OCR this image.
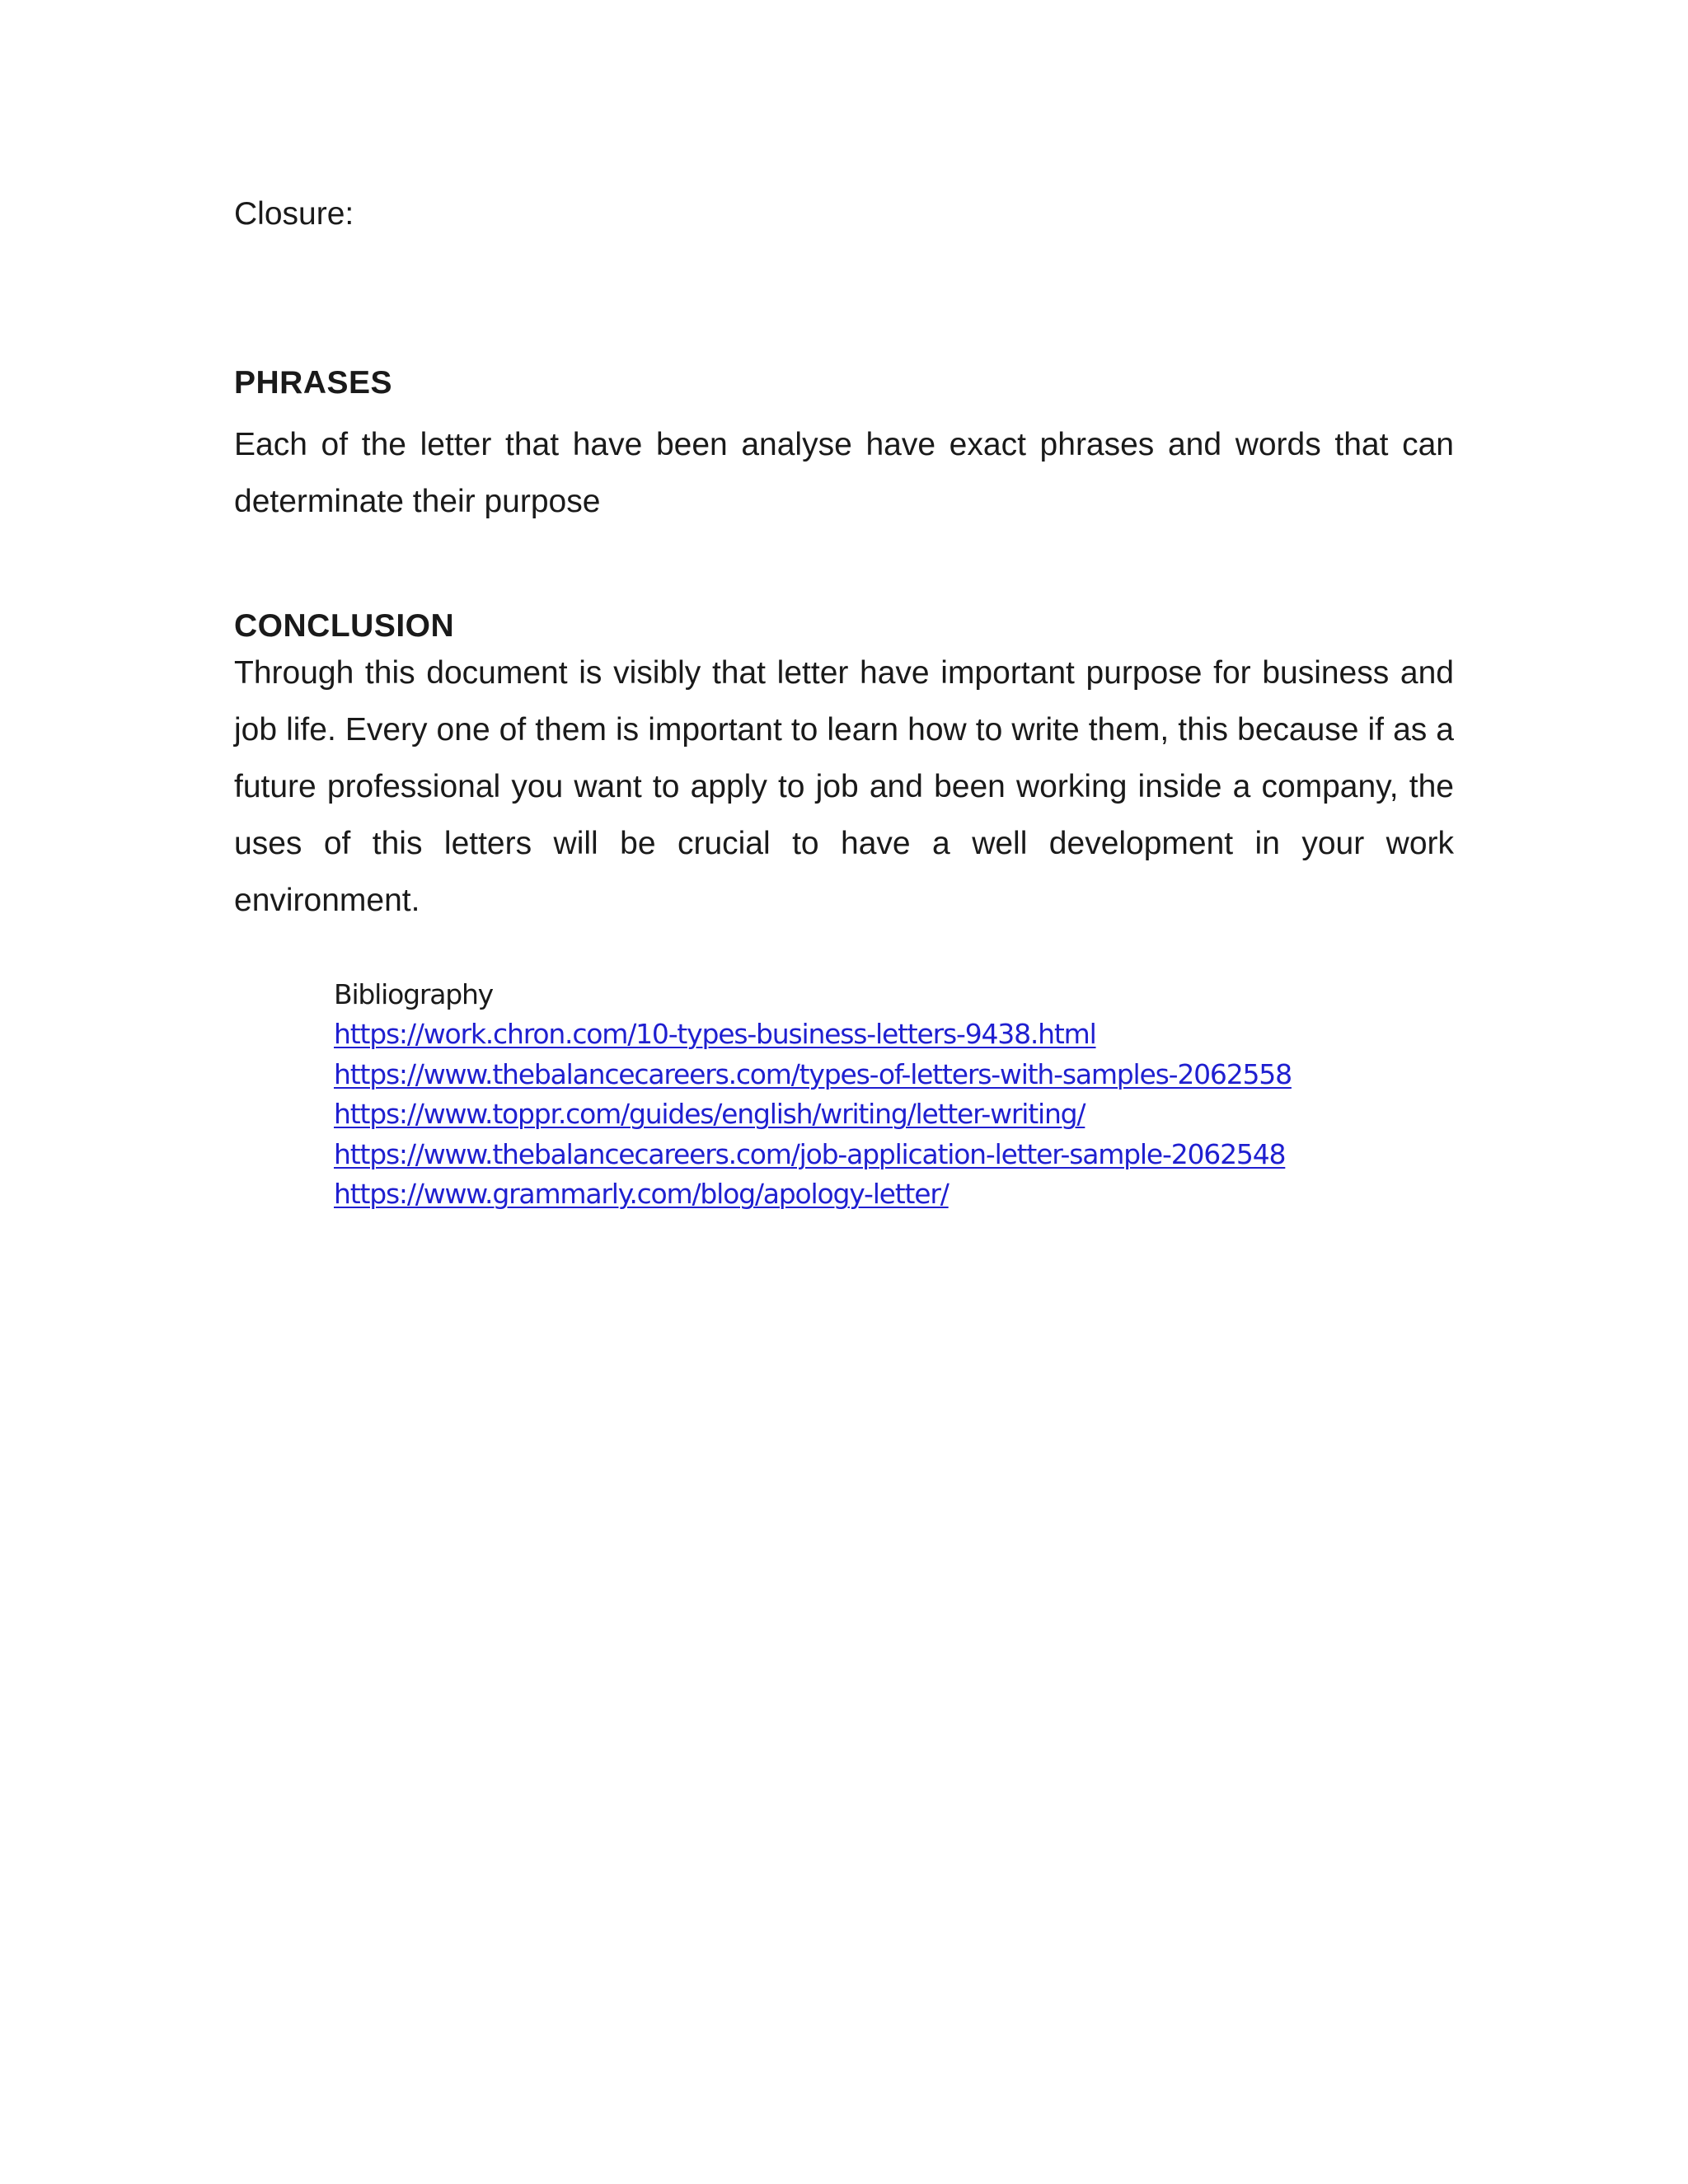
Closure:
PHRASES
Each of the letter that have been analyse have exact phrases and words that can determinate their purpose
CONCLUSION
Through this document is visibly that letter have important purpose for business and job life. Every one of them is important to learn how to write them, this because if as a future professional you want to apply to job and been working inside a company, the uses of this letters will be crucial to have a well development in your work environment.
Bibliography
https://work.chron.com/10-types-business-letters-9438.html
https://www.thebalancecareers.com/types-of-letters-with-samples-2062558
https://www.toppr.com/guides/english/writing/letter-writing/
https://www.thebalancecareers.com/job-application-letter-sample-2062548
https://www.grammarly.com/blog/apology-letter/
